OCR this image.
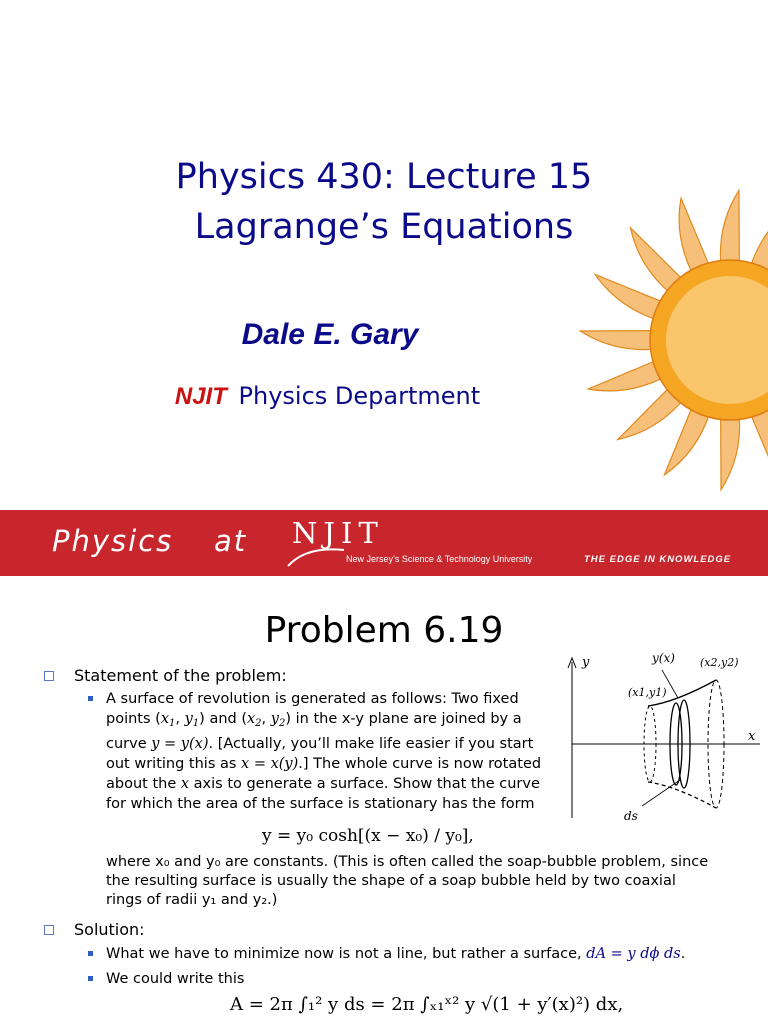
Physics 430: Lecture 15
Lagrange’s Equations
Dale E. Gary
NJIT Physics Department
Physics at NJIT
New Jersey’s Science & Technology University	THE EDGE IN KNOWLEDGE
Problem 6.19
Statement of the problem:
A surface of revolution is generated as follows: Two fixed
points ($x_1$, $y_1$) and ($x_2$, $y_2$) in the x-y plane are joined by a
curve y = y(x). [Actually, you’ll make life easier if you start
out writing this as x = x(y).] The whole curve is now rotated
about the x axis to generate a surface. Show that the curve
for which the area of the surface is stationary has the form
y = y₀ cosh[(x − x₀) / y₀],
where x₀ and y₀ are constants. (This is often called the soap-bubble problem, since
the resulting surface is usually the shape of a soap bubble held by two coaxial
rings of radii y₁ and y₂.)
Solution:
What we have to minimize now is not a line, but rather a surface, dA = y dϕ ds.
We could write this
A = 2π ∫₁² y ds = 2π ∫ₓ₁ˣ² y √(1 + y′(x)²) dx,
y
x
y(x) (x2,y2)
(x1,y1)
ds
